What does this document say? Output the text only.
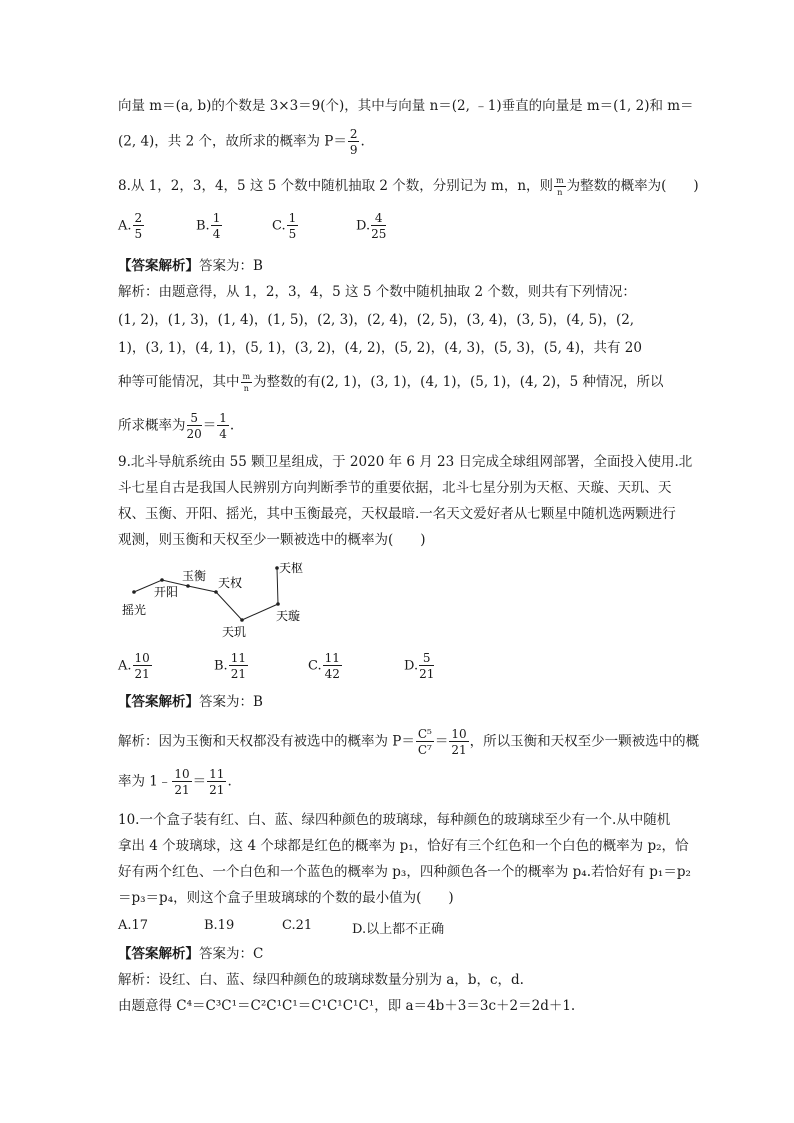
向量 m＝(a, b)的个数是 3×3＝9(个)，其中与向量 n＝(2, ﹣1)垂直的向量是 m＝(1, 2)和 m＝
(2, 4)，共 2 个，故所求的概率为 $P= \frac{2}{9}$ .
8.从 1，2，3，4，5 这 5 个数中随机抽取 2 个数，分别记为 m，n，则 $\frac{m}{n}$ 为整数的概率为(　　)
A. $\frac{2}{5}$	B. $\frac{1}{4}$	C. $\frac{1}{5}$	D. $\frac{4}{25}$
【答案解析】答案为：B
解析：由题意得，从 1，2，3，4，5 这 5 个数中随机抽取 2 个数，则共有下列情况：
(1, 2)，(1, 3)，(1, 4)，(1, 5)，(2, 3)，(2, 4)，(2, 5)，(3, 4)，(3, 5)，(4, 5)，(2,
1)，(3, 1)，(4, 1)，(5, 1)，(3, 2)，(4, 2)，(5, 2)，(4, 3)，(5, 3)，(5, 4)，共有 20
种等可能情况，其中 $\frac{m}{n}$ 为整数的有(2, 1)，(3, 1)，(4, 1)，(5, 1)，(4, 2)，5 种情况，所以
所求概率为 $\frac{5}{20} = \frac{1}{4}$ .
9.北斗导航系统由 55 颗卫星组成，于 2020 年 6 月 23 日完成全球组网部署，全面投入使用.北
斗七星自古是我国人民辨别方向判断季节的重要依据，北斗七星分别为天枢、天璇、天玑、天
权、玉衡、开阳、摇光，其中玉衡最亮，天权最暗.一名天文爱好者从七颗星中随机选两颗进行
观测，则玉衡和天权至少一颗被选中的概率为(　　)
摇光
开阳
玉衡 天权
天玑
天璇
天枢
A. $\frac{10}{21}$	B. $\frac{11}{21}$	C. $\frac{11}{42}$	D. $\frac{5}{21}$
【答案解析】答案为：B
解析：因为玉衡和天权都没有被选中的概率为 $P= \frac{\text{C⁵}}{\text{C⁷}} = \frac{10}{21}$ ，所以玉衡和天权至少一颗被选中的概
率为 1﹣ $\frac{10}{21} = \frac{11}{21}$ .
10.一个盒子装有红、白、蓝、绿四种颜色的玻璃球，每种颜色的玻璃球至少有一个.从中随机
拿出 4 个玻璃球，这 4 个球都是红色的概率为 p₁，恰好有三个红色和一个白色的概率为 p₂，恰
好有两个红色、一个白色和一个蓝色的概率为 p₃，四种颜色各一个的概率为 p₄.若恰好有 p₁＝p₂
＝p₃＝p₄，则这个盒子里玻璃球的个数的最小值为(　　)
A.17	B.19	C.21	D.以上都不正确
【答案解析】答案为：C
解析：设红、白、蓝、绿四种颜色的玻璃球数量分别为 a，b，c，d.
由题意得 C⁴＝C³C¹＝C²C¹C¹＝C¹C¹C¹C¹，即 a＝4b＋3＝3c＋2＝2d＋1.
